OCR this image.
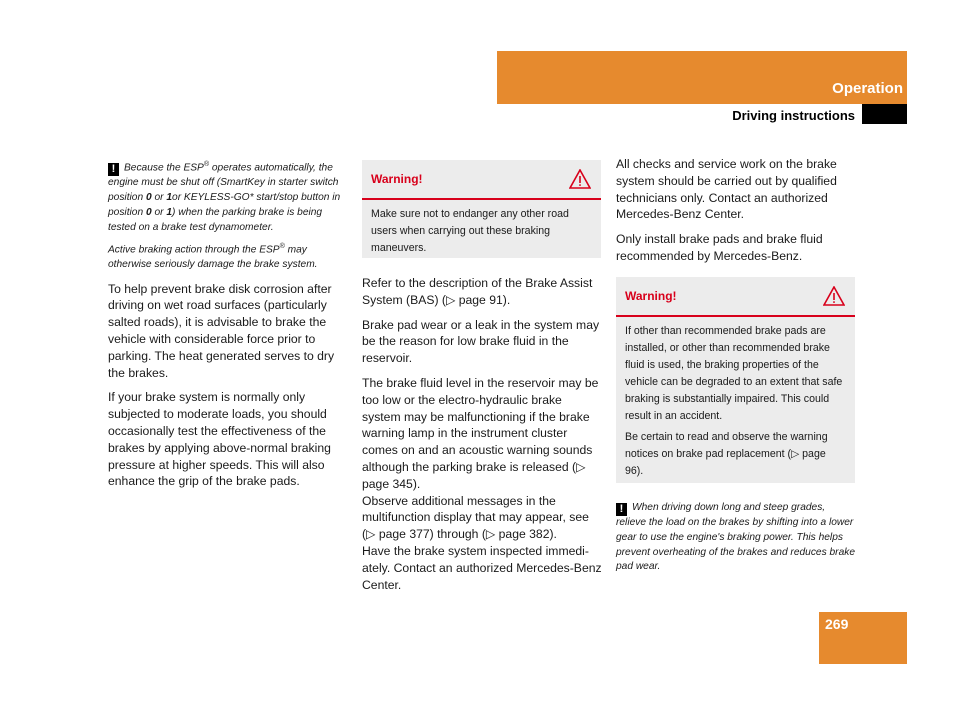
Operation
Driving instructions

! Because the ESP® operates automatically, the engine must be shut off (SmartKey in starter switch position 0 or 1or KEYLESS-GO* start/stop button in position 0 or 1) when the parking brake is being tested on a brake test dynamometer.

Active braking action through the ESP® may otherwise seriously damage the brake system.

To help prevent brake disk corrosion after driving on wet road surfaces (particularly salted roads), it is advisable to brake the vehicle with considerable force prior to parking. The heat generated serves to dry the brakes.

If your brake system is normally only subjected to moderate loads, you should occasionally test the effectiveness of the brakes by applying above-normal braking pressure at higher speeds. This will also enhance the grip of the brake pads.

Warning!

Make sure not to endanger any other road users when carrying out these braking maneuvers.

Refer to the description of the Brake Assist System (BAS) (▷ page 91).

Brake pad wear or a leak in the system may be the reason for low brake fluid in the reservoir.

The brake fluid level in the reservoir may be too low or the electro-hydraulic brake system may be malfunctioning if the brake warning lamp in the instrument cluster comes on and an acoustic warning sounds although the parking brake is released (▷ page 345).

Observe additional messages in the multifunction display that may appear, see (▷ page 377) through (▷ page 382).

Have the brake system inspected immedi-ately. Contact an authorized Mercedes-Benz Center.

All checks and service work on the brake system should be carried out by qualified technicians only. Contact an authorized Mercedes-Benz Center.

Only install brake pads and brake fluid recommended by Mercedes-Benz.

Warning!

If other than recommended brake pads are installed, or other than recommended brake fluid is used, the braking properties of the vehicle can be degraded to an extent that safe braking is substantially impaired. This could result in an accident.

Be certain to read and observe the warning notices on brake pad replacement (▷ page 96).

! When driving down long and steep grades, relieve the load on the brakes by shifting into a lower gear to use the engine's braking power. This helps prevent overheating of the brakes and reduces brake pad wear.

269
